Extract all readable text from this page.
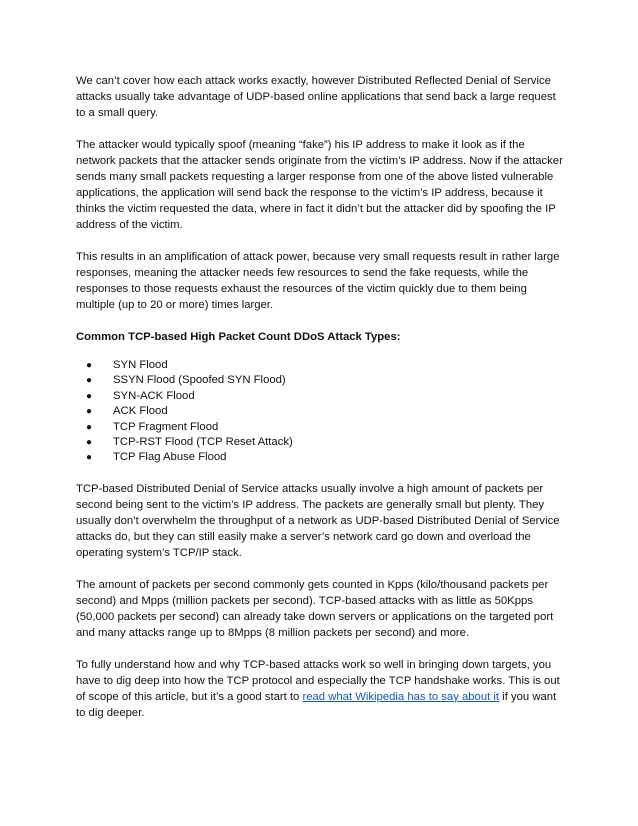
We can’t cover how each attack works exactly, however Distributed Reflected Denial of Service attacks usually take advantage of UDP-based online applications that send back a large request to a small query.

The attacker would typically spoof (meaning “fake”) his IP address to make it look as if the network packets that the attacker sends originate from the victim’s IP address. Now if the attacker sends many small packets requesting a larger response from one of the above listed vulnerable applications, the application will send back the response to the victim’s IP address, because it thinks the victim requested the data, where in fact it didn’t but the attacker did by spoofing the IP address of the victim.

This results in an amplification of attack power, because very small requests result in rather large responses, meaning the attacker needs few resources to send the fake requests, while the responses to those requests exhaust the resources of the victim quickly due to them being multiple (up to 20 or more) times larger.

Common TCP-based High Packet Count DDoS Attack Types:

● SYN Flood
● SSYN Flood (Spoofed SYN Flood)
● SYN-ACK Flood
● ACK Flood
● TCP Fragment Flood
● TCP-RST Flood (TCP Reset Attack)
● TCP Flag Abuse Flood

TCP-based Distributed Denial of Service attacks usually involve a high amount of packets per second being sent to the victim’s IP address. The packets are generally small but plenty. They usually don’t overwhelm the throughput of a network as UDP-based Distributed Denial of Service attacks do, but they can still easily make a server’s network card go down and overload the operating system’s TCP/IP stack.

The amount of packets per second commonly gets counted in Kpps (kilo/thousand packets per second) and Mpps (million packets per second). TCP-based attacks with as little as 50Kpps (50,000 packets per second) can already take down servers or applications on the targeted port and many attacks range up to 8Mpps (8 million packets per second) and more.

To fully understand how and why TCP-based attacks work so well in bringing down targets, you have to dig deep into how the TCP protocol and especially the TCP handshake works. This is out of scope of this article, but it’s a good start to read what Wikipedia has to say about it if you want to dig deeper.
